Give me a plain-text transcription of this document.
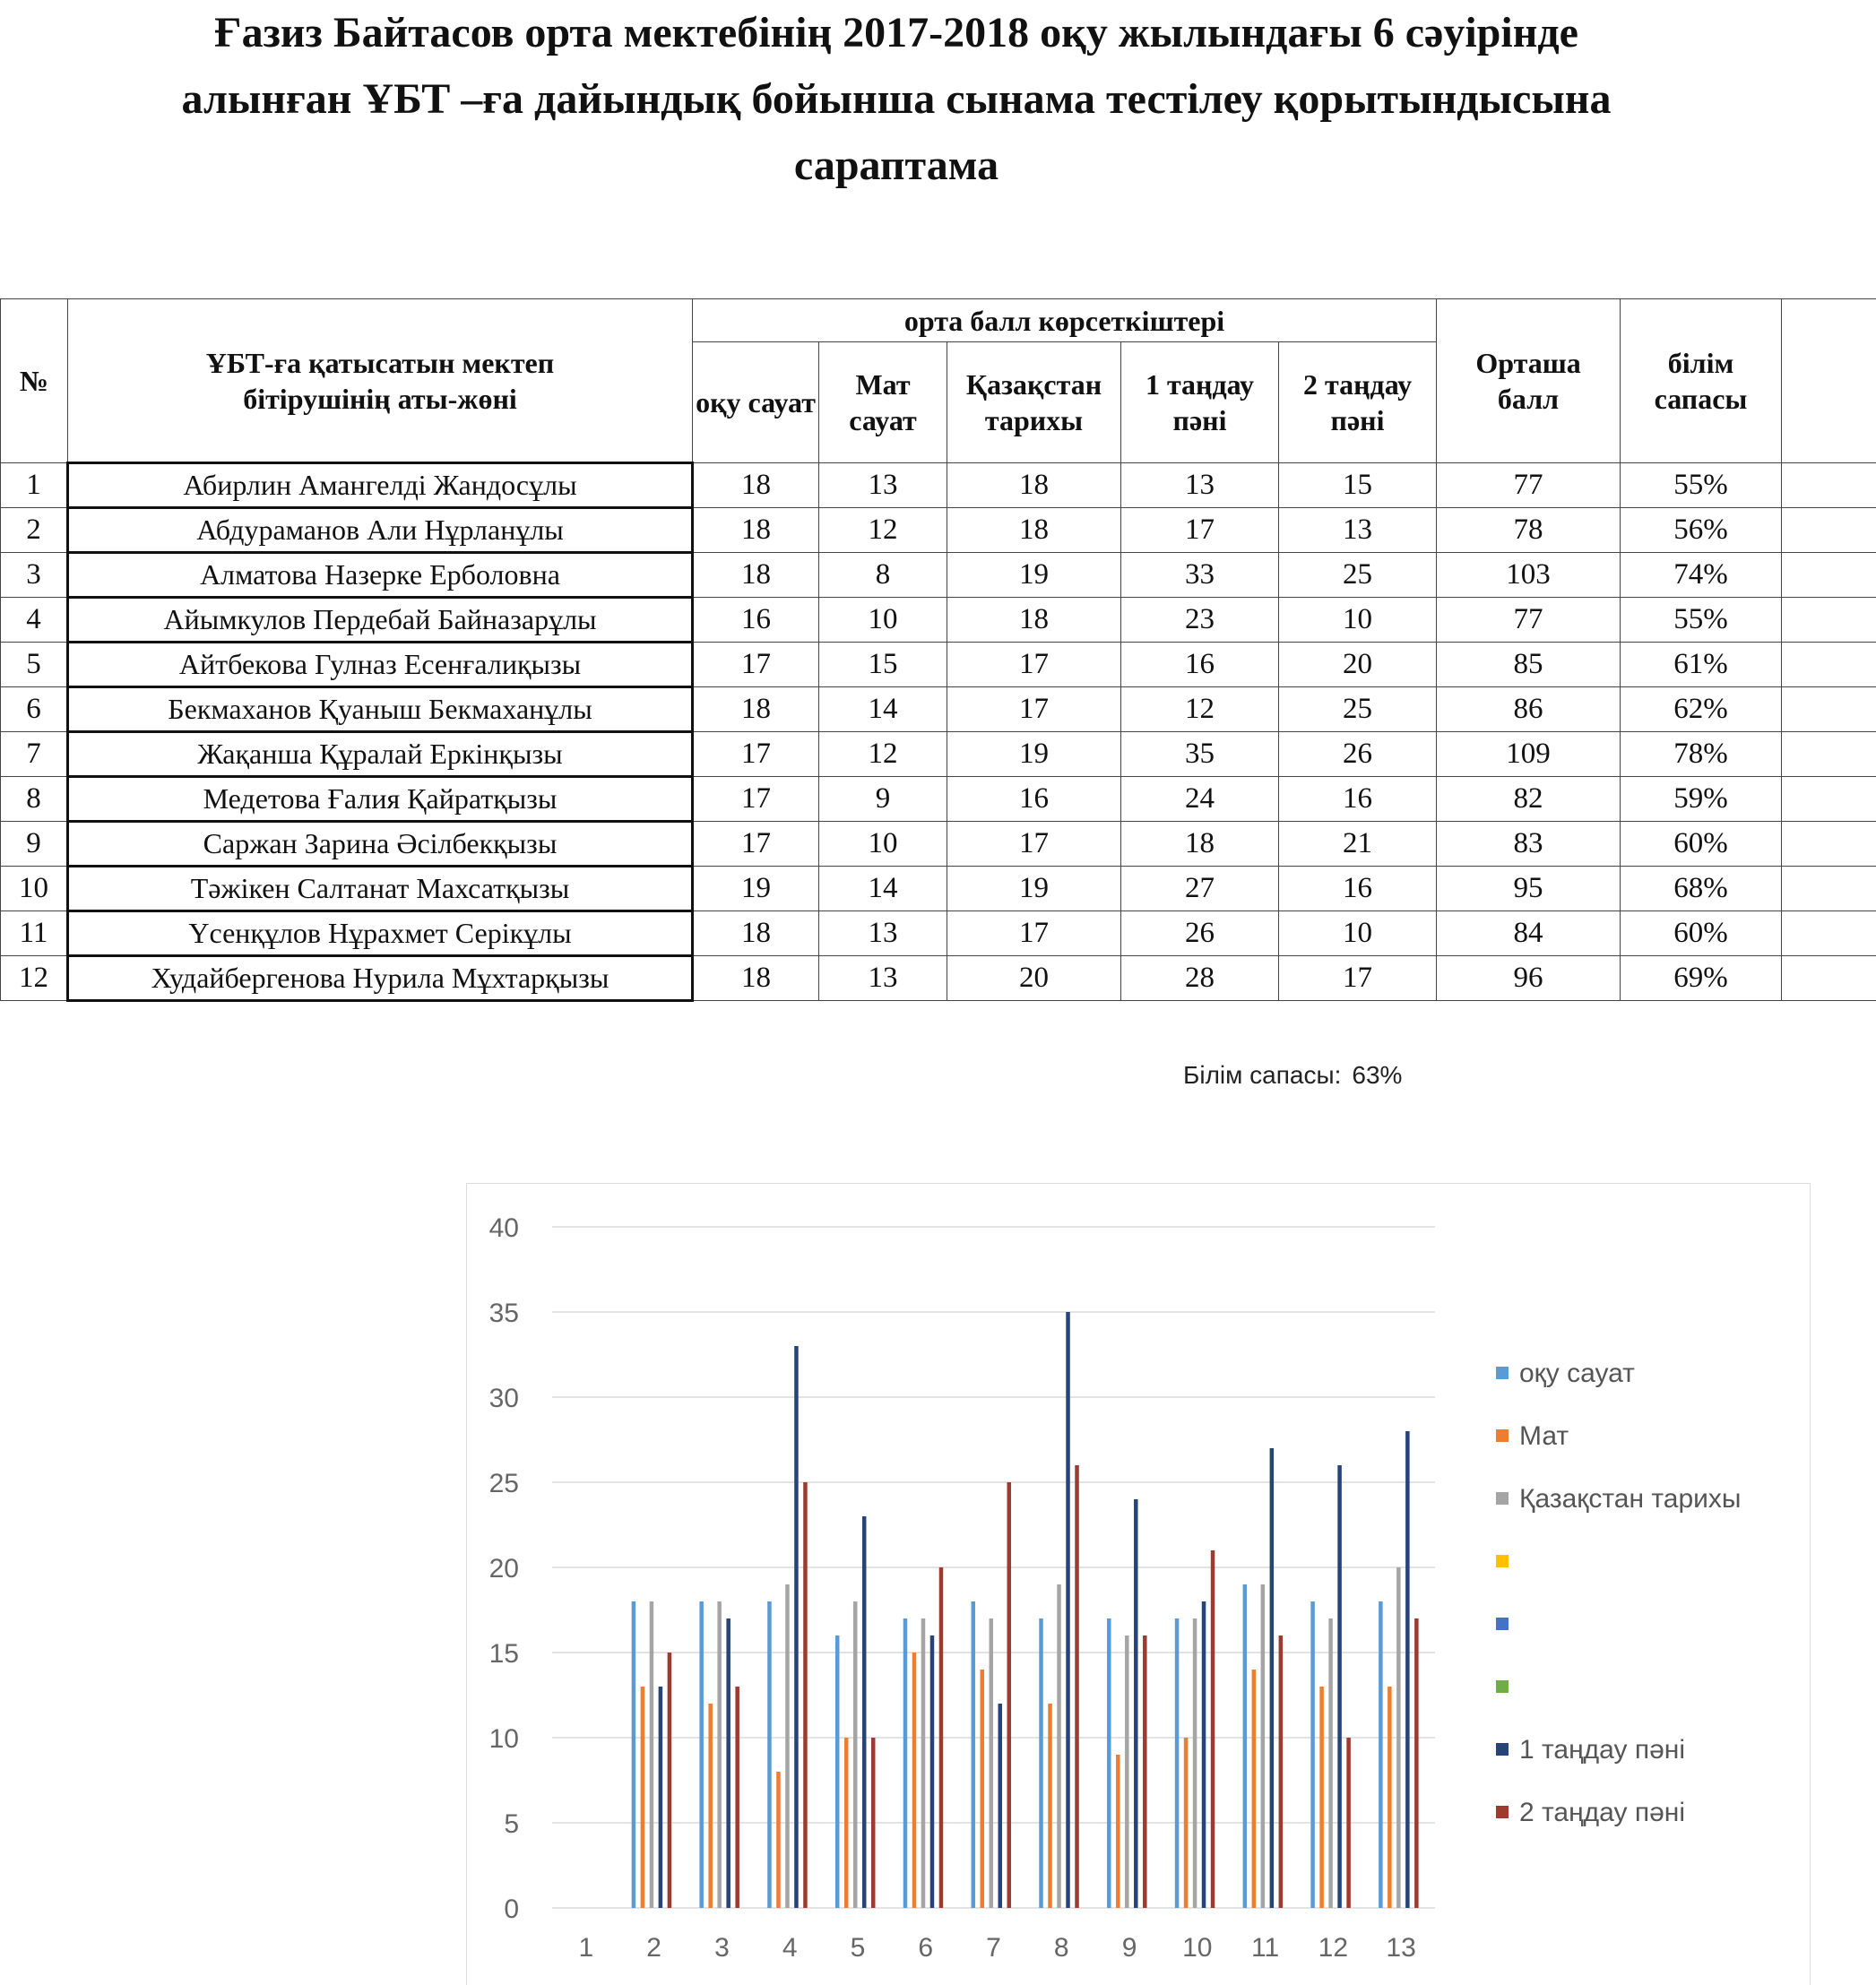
Ғазиз Байтасов орта мектебінің 2017-2018 оқу жылындағы 6 сәуірінде
алынған ҰБТ –ға дайындық бойынша сынама тестілеу қорытындысына
сараптама
№	ҰБТ-ға қатысатын мектеп бітірушінің аты-жөні	орта балл көрсеткіштері					Орташа балл	білім сапасы	
		оқу сауат	Мат сауат	Қазақстан тарихы	1 таңдау пәні	2 таңдау пәні			
1	Абирлин Амангелді Жандосұлы	18	13	18	13	15	77	55%	
2	Абдураманов Али Нұрланұлы	18	12	18	17	13	78	56%	
3	Алматова Назерке Ерболовна	18	8	19	33	25	103	74%	
4	Айымкулов Пердебай Байназарұлы	16	10	18	23	10	77	55%	
5	Айтбекова Гулназ Есенғалиқызы	17	15	17	16	20	85	61%	
6	Бекмаханов Қуаныш Бекмаханұлы	18	14	17	12	25	86	62%	
7	Жақанша Құралай Еркінқызы	17	12	19	35	26	109	78%	
8	Медетова Ғалия Қайратқызы	17	9	16	24	16	82	59%	
9	Саржан Зарина Әсілбекқызы	17	10	17	18	21	83	60%	
10	Тәжікен Салтанат Махсатқызы	19	14	19	27	16	95	68%	
11	Үсенқұлов Нұрахмет Серікұлы	18	13	17	26	10	84	60%	
12	Худайбергенова Нурила Мұхтарқызы	18	13	20	28	17	96	69%	
Білім сапасы: 63%
0
5
10
15
20
25
30
35
40
1 2 3 4 5 6 7 8 9 10 11 12 13
оқу сауат
Мат
Қазақстан тарихы
1 таңдау пәні
2 таңдау пәні
